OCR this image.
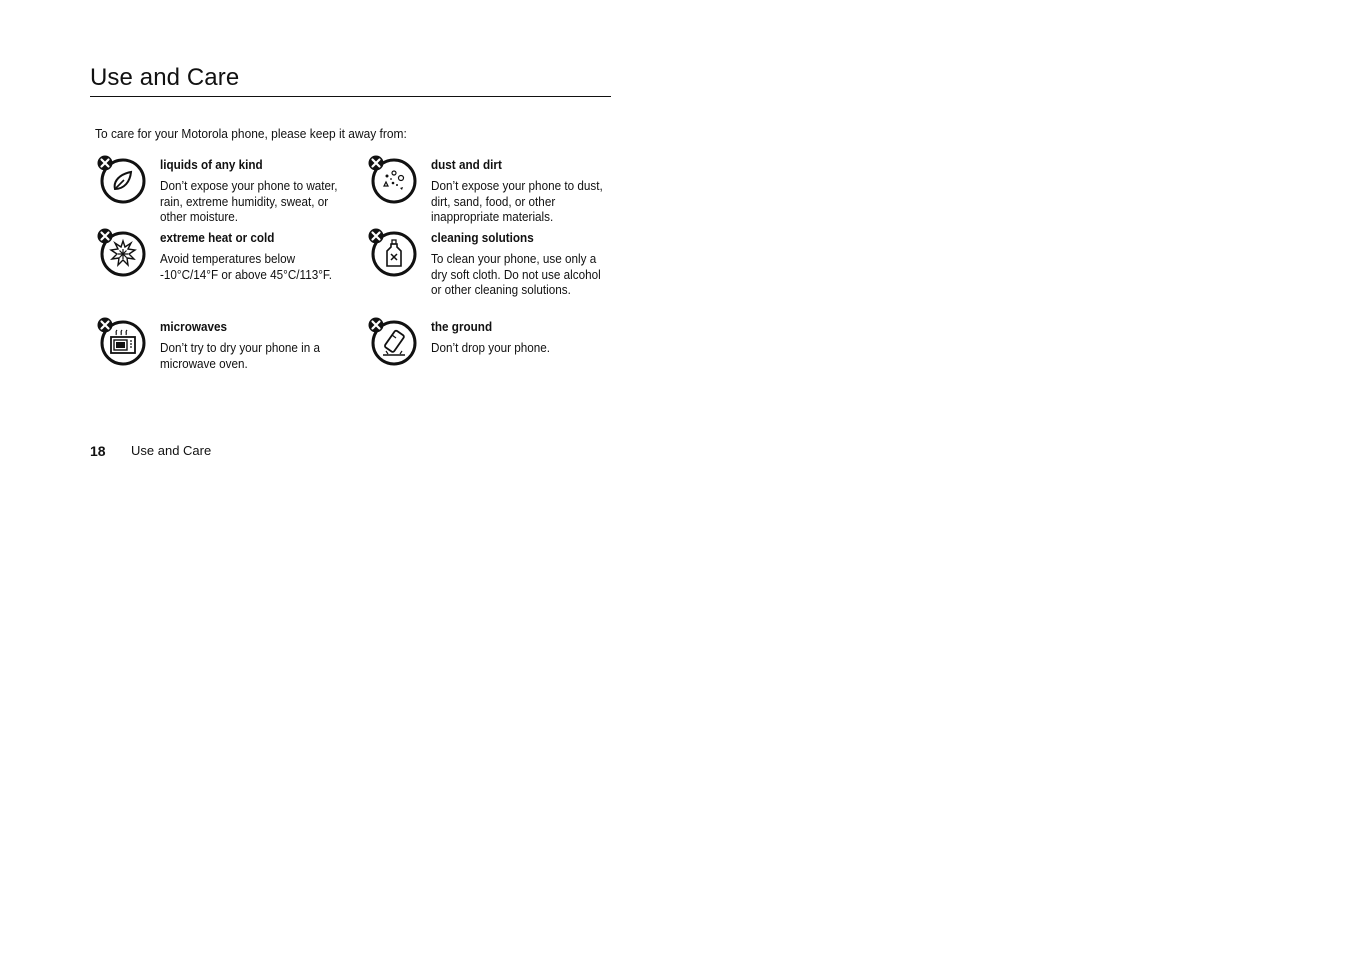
Use and Care
To care for your Motorola phone, please keep it away from:
liquids of any kind
Don’t expose your phone to water, rain, extreme humidity, sweat, or other moisture.
dust and dirt
Don’t expose your phone to dust, dirt, sand, food, or other inappropriate materials.
extreme heat or cold
Avoid temperatures below -10°C/14°F or above 45°C/113°F.
cleaning solutions
To clean your phone, use only a dry soft cloth. Do not use alcohol or other cleaning solutions.
microwaves
Don’t try to dry your phone in a microwave oven.
the ground
Don’t drop your phone.
18 Use and Care
